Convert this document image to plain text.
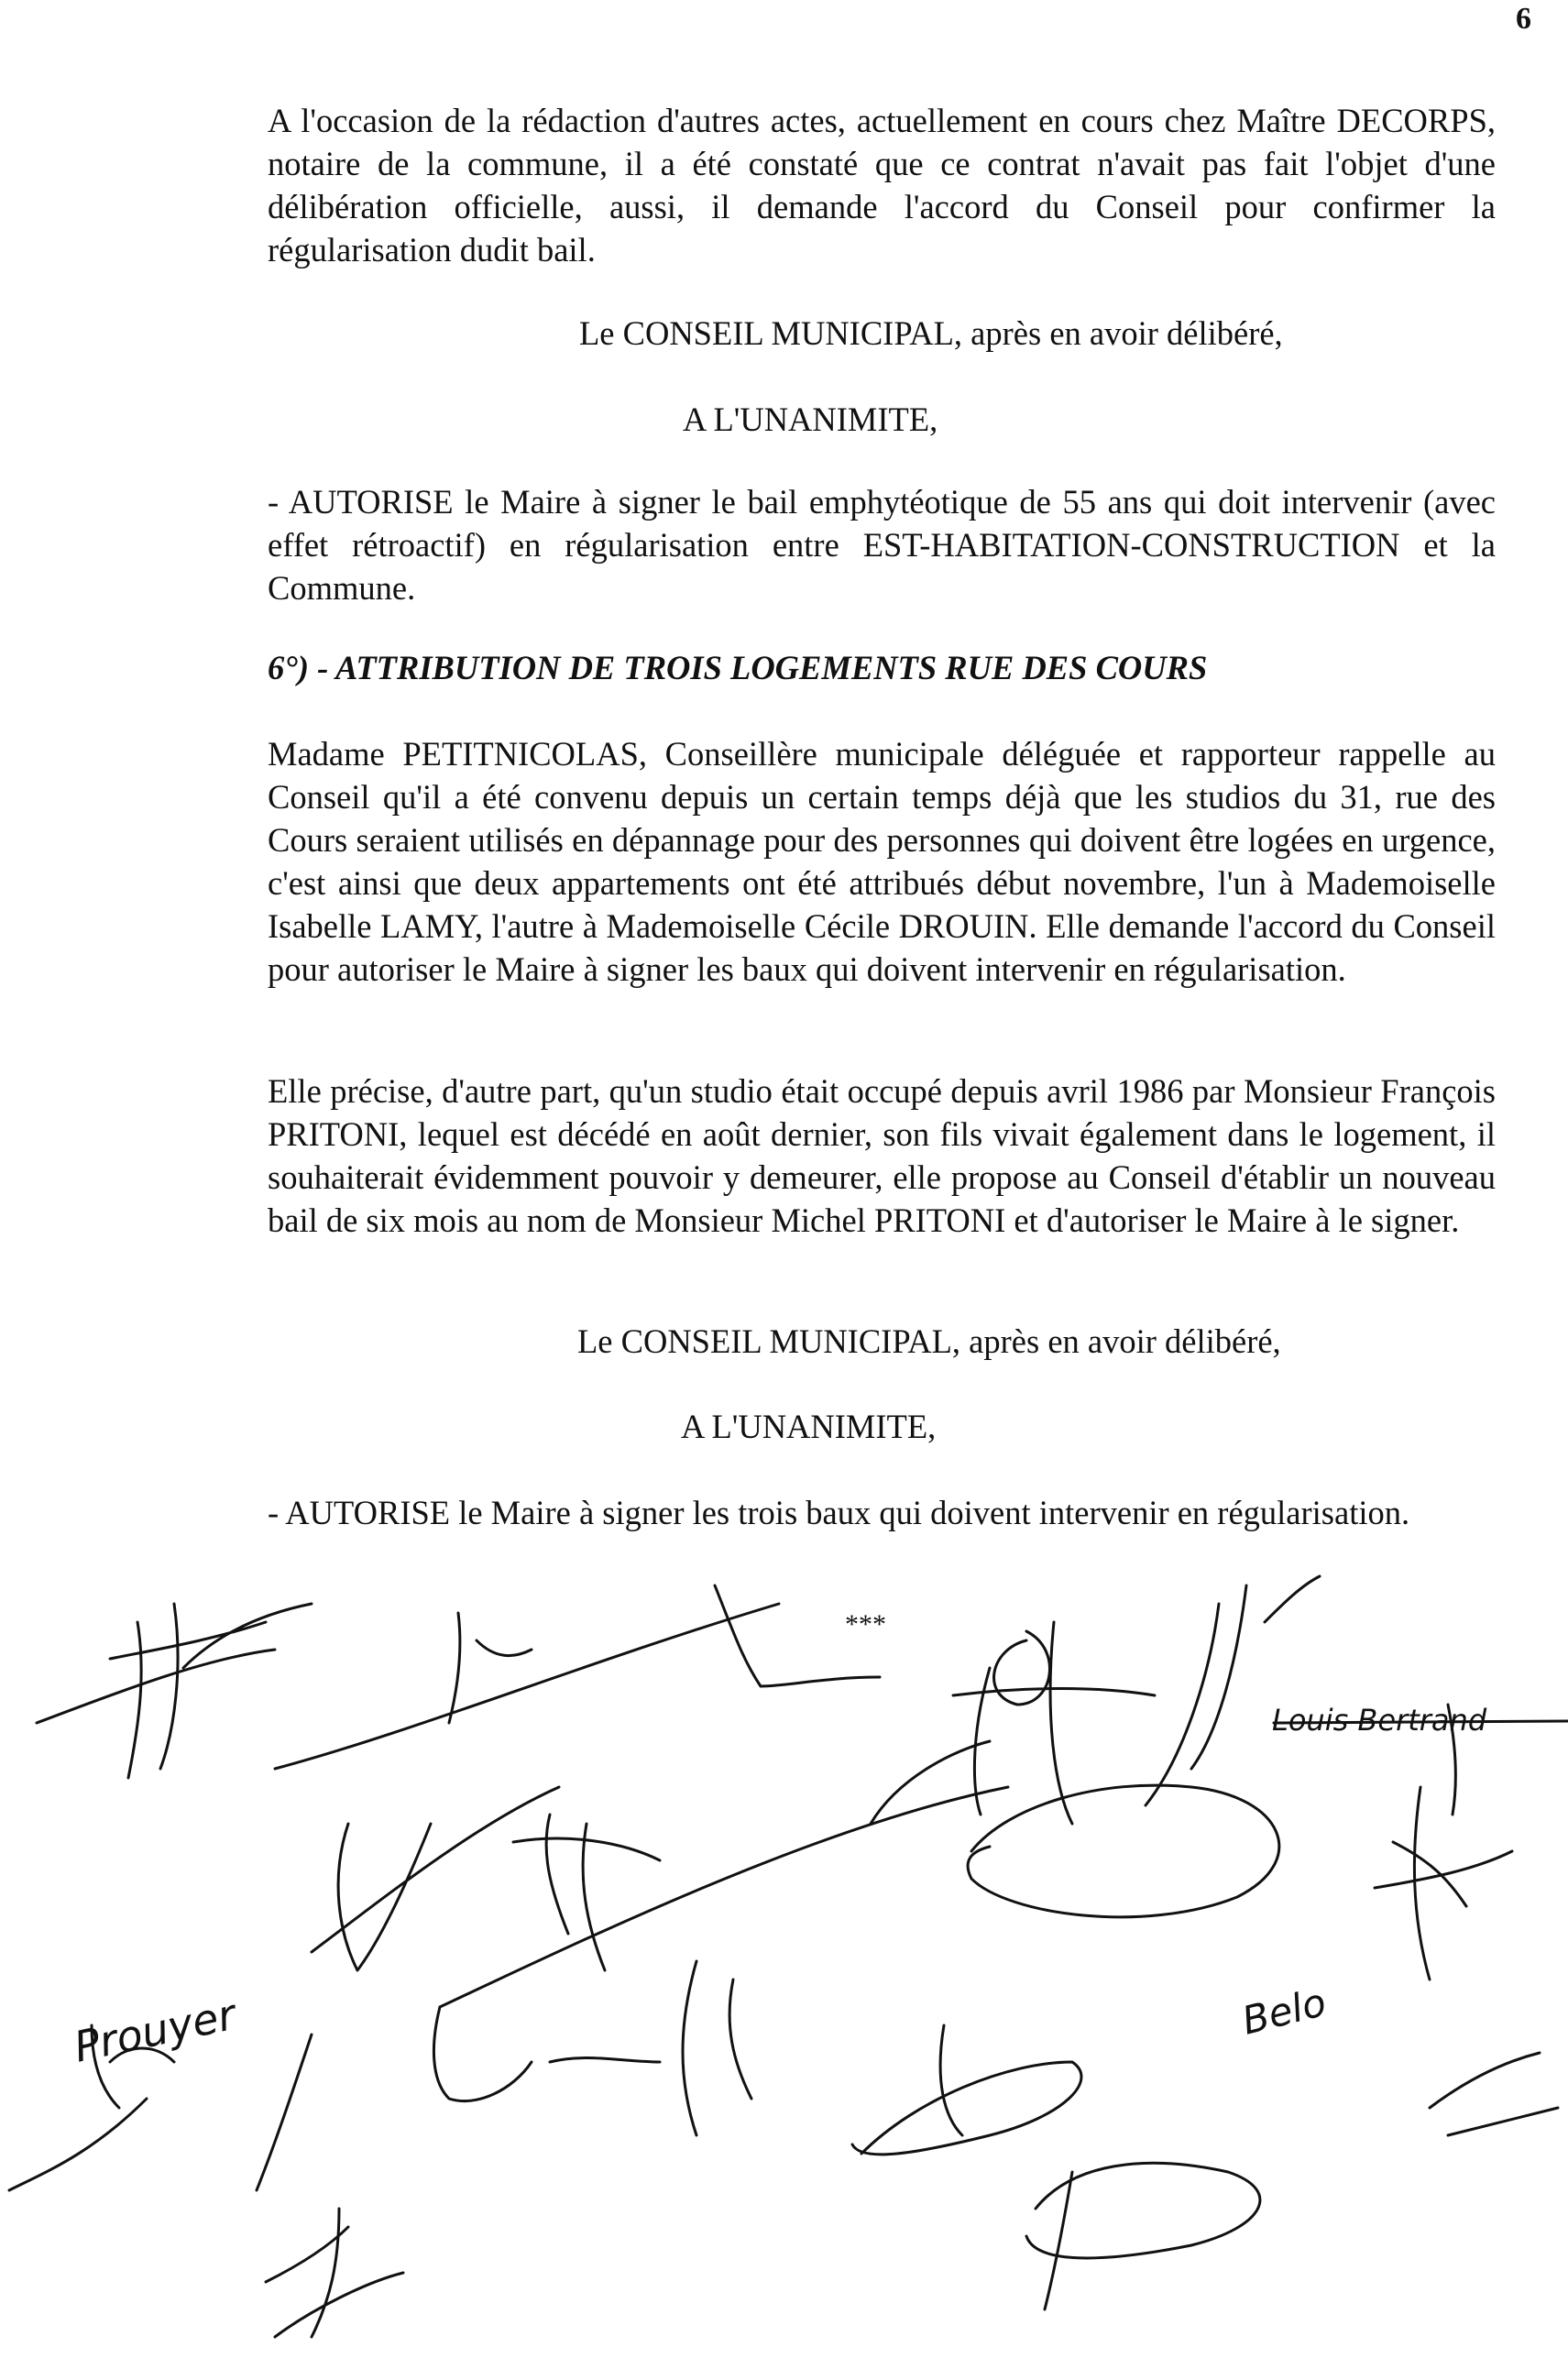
6

A l'occasion de la rédaction d'autres actes, actuellement en cours chez Maître DECORPS, notaire de la commune, il a été constaté que ce contrat n'avait pas fait l'objet d'une délibération officielle, aussi, il demande l'accord du Conseil pour confirmer la régularisation dudit bail.

Le CONSEIL MUNICIPAL, après en avoir délibéré,
A L'UNANIMITE,

- AUTORISE le Maire à signer le bail emphytéotique de 55 ans qui doit intervenir (avec effet rétroactif) en régularisation entre EST-HABITATION-CONSTRUCTION et la Commune.

6°) - ATTRIBUTION DE TROIS LOGEMENTS RUE DES COURS

Madame PETITNICOLAS, Conseillère municipale déléguée et rapporteur rappelle au Conseil qu'il a été convenu depuis un certain temps déjà que les studios du 31, rue des Cours seraient utilisés en dépannage pour des personnes qui doivent être logées en urgence, c'est ainsi que deux appartements ont été attribués début novembre, l'un à Mademoiselle Isabelle LAMY, l'autre à Mademoiselle Cécile DROUIN. Elle demande l'accord du Conseil pour autoriser le Maire à signer les baux qui doivent intervenir en régularisation.

Elle précise, d'autre part, qu'un studio était occupé depuis avril 1986 par Monsieur François PRITONI, lequel est décédé en août dernier, son fils vivait également dans le logement, il souhaiterait évidemment pouvoir y demeurer, elle propose au Conseil d'établir un nouveau bail de six mois au nom de Monsieur Michel PRITONI et d'autoriser le Maire à le signer.

Le CONSEIL MUNICIPAL, après en avoir délibéré,
A L'UNANIMITE,

- AUTORISE le Maire à signer les trois baux qui doivent intervenir en régularisation.

***
Prouyer
Louis Bertrand
Belo
